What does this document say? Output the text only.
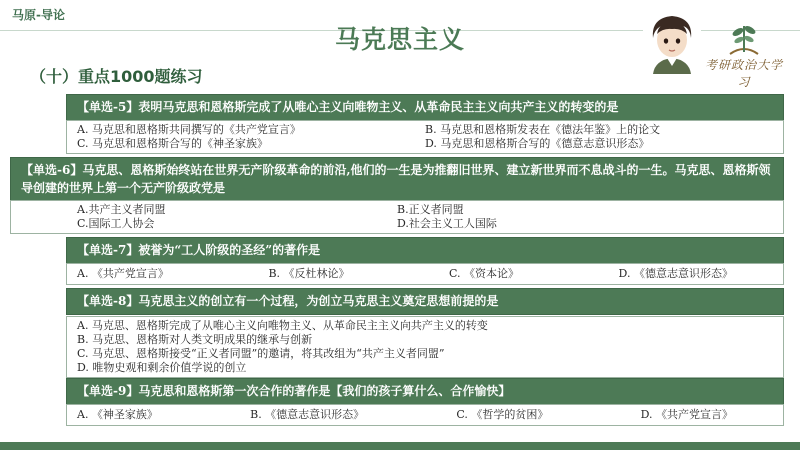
马原-导论
马克思主义
考研政治大学习
（十）重点1000题练习
【单选-5】表明马克思和恩格斯完成了从唯心主义向唯物主义、从革命民主主义向共产主义的转变的是
A. 马克思和恩格斯共同撰写的《共产党宣言》	B. 马克思和恩格斯发表在《德法年鉴》上的论文
C. 马克思和恩格斯合写的《神圣家族》	D. 马克思和恩格斯合写的《德意志意识形态》
【单选-6】马克思、恩格斯始终站在世界无产阶级革命的前沿,他们的一生是为推翻旧世界、建立新世界而不息战斗的一生。马克思、恩格斯领导创建的世界上第一个无产阶级政党是
A.共产主义者同盟	B.正义者同盟
C.国际工人协会	D.社会主义工人国际
【单选-7】被誉为“工人阶级的圣经”的著作是
A. 《共产党宣言》	B. 《反杜林论》	C. 《资本论》	D. 《德意志意识形态》
【单选-8】马克思主义的创立有一个过程，为创立马克思主义奠定思想前提的是
A. 马克思、恩格斯完成了从唯心主义向唯物主义、从革命民主主义向共产主义的转变
B. 马克思、恩格斯对人类文明成果的继承与创新
C. 马克思、恩格斯接受“正义者同盟”的邀请，将其改组为“共产主义者同盟”
D. 唯物史观和剩余价值学说的创立
【单选-9】马克思和恩格斯第一次合作的著作是【我们的孩子算什么、合作愉快】
A. 《神圣家族》	B. 《德意志意识形态》	C. 《哲学的贫困》	D. 《共产党宣言》
